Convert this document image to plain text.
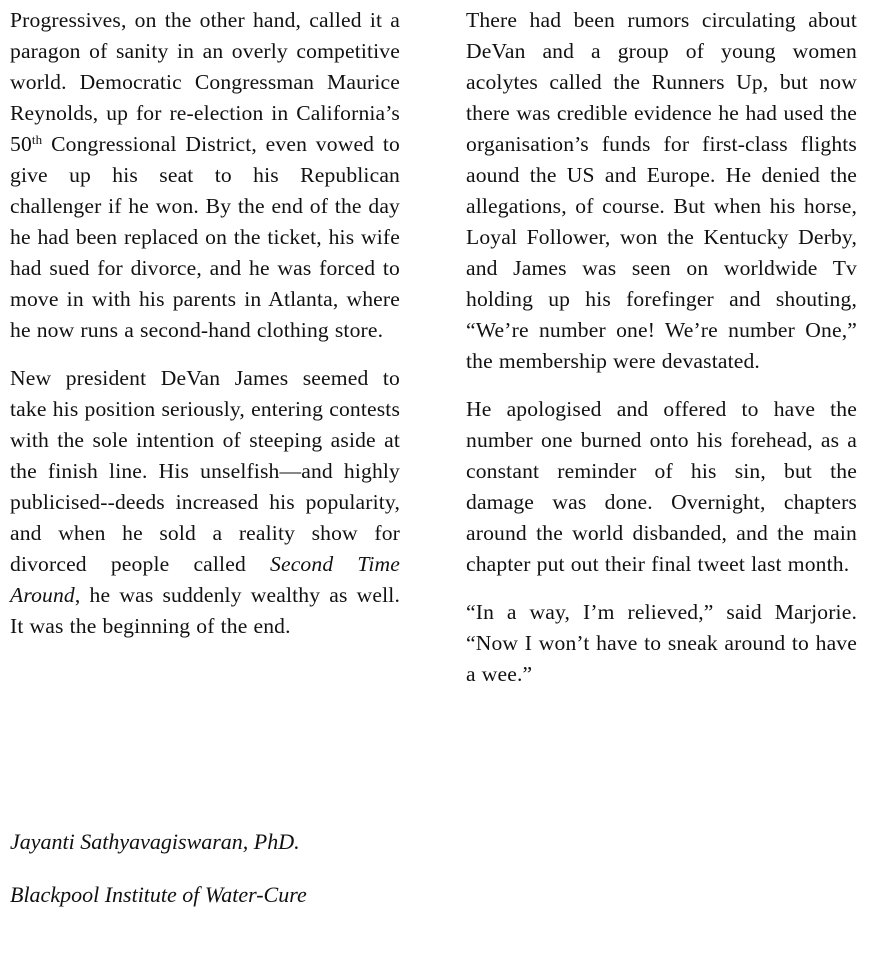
Progressives, on the other hand, called it a paragon of sanity in an overly competitive world. Democratic Congressman Maurice Reynolds, up for re-election in California’s 50th Congressional District, even vowed to give up his seat to his Republican challenger if he won. By the end of the day he had been replaced on the ticket, his wife had sued for divorce, and he was forced to move in with his parents in Atlanta, where he now runs a second-hand clothing store.

New president DeVan James seemed to take his position seriously, entering contests with the sole intention of steeping aside at the finish line. His unselfish—and highly publicised--deeds increased his popularity, and when he sold a reality show for divorced people called Second Time Around, he was suddenly wealthy as well. It was the beginning of the end.

There had been rumors circulating about DeVan and a group of young women acolytes called the Runners Up, but now there was credible evidence he had used the organisation’s funds for first-class flights aound the US and Europe. He denied the allegations, of course. But when his horse, Loyal Follower, won the Kentucky Derby, and James was seen on worldwide Tv holding up his forefinger and shouting, “We’re number one! We’re number One,” the membership were devastated.

He apologised and offered to have the number one burned onto his forehead, as a constant reminder of his sin, but the damage was done. Overnight, chapters around the world disbanded, and the main chapter put out their final tweet last month.

“In a way, I’m relieved,” said Marjorie. “Now I won’t have to sneak around to have a wee.”

Jayanti Sathyavagiswaran, PhD.
Blackpool Institute of Water-Cure
